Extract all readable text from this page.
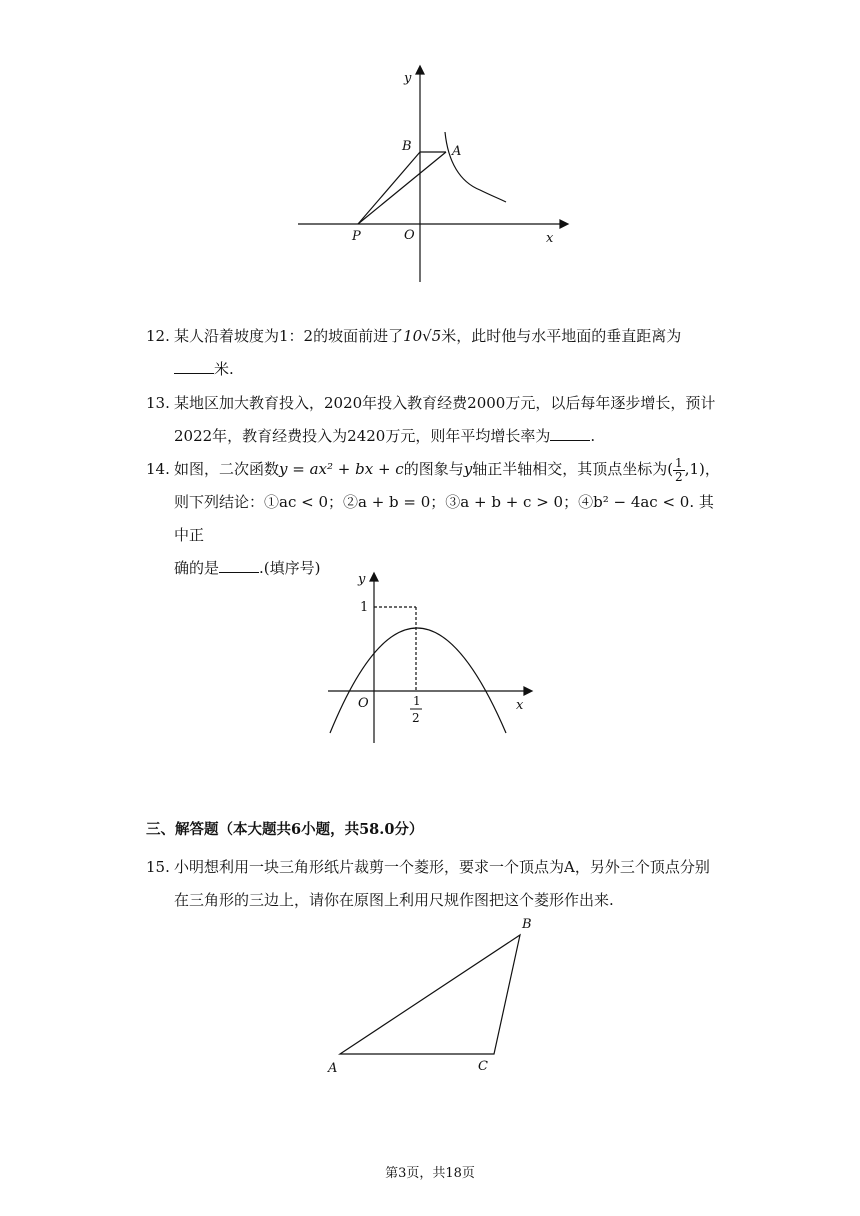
y
B	A
P	O	x
12. 某人沿着坡度为1：2的坡面前进了10√5米，此时他与水平地面的垂直距离为
米.
13. 某地区加大教育投入，2020年投入教育经费2000万元，以后每年逐步增长，预计
2022年，教育经费投入为2420万元，则年平均增长率为	.
14. 如图，二次函数y = ax² + bx + c的图象与y轴正半轴相交，其顶点坐标为( $\frac{1}{2} ,1$)，
则下列结论：①ac < 0；②a + b = 0；③a + b + c > 0；④b² − 4ac < 0. 其中正
确的是	.(填序号)
y
1
O	1
2
x
三、解答题（本大题共6小题，共58.0分）
15. 小明想利用一块三角形纸片裁剪一个菱形，要求一个顶点为A，另外三个顶点分别
在三角形的三边上，请你在原图上利用尺规作图把这个菱形作出来.
A
B
C
第3页，共18页
